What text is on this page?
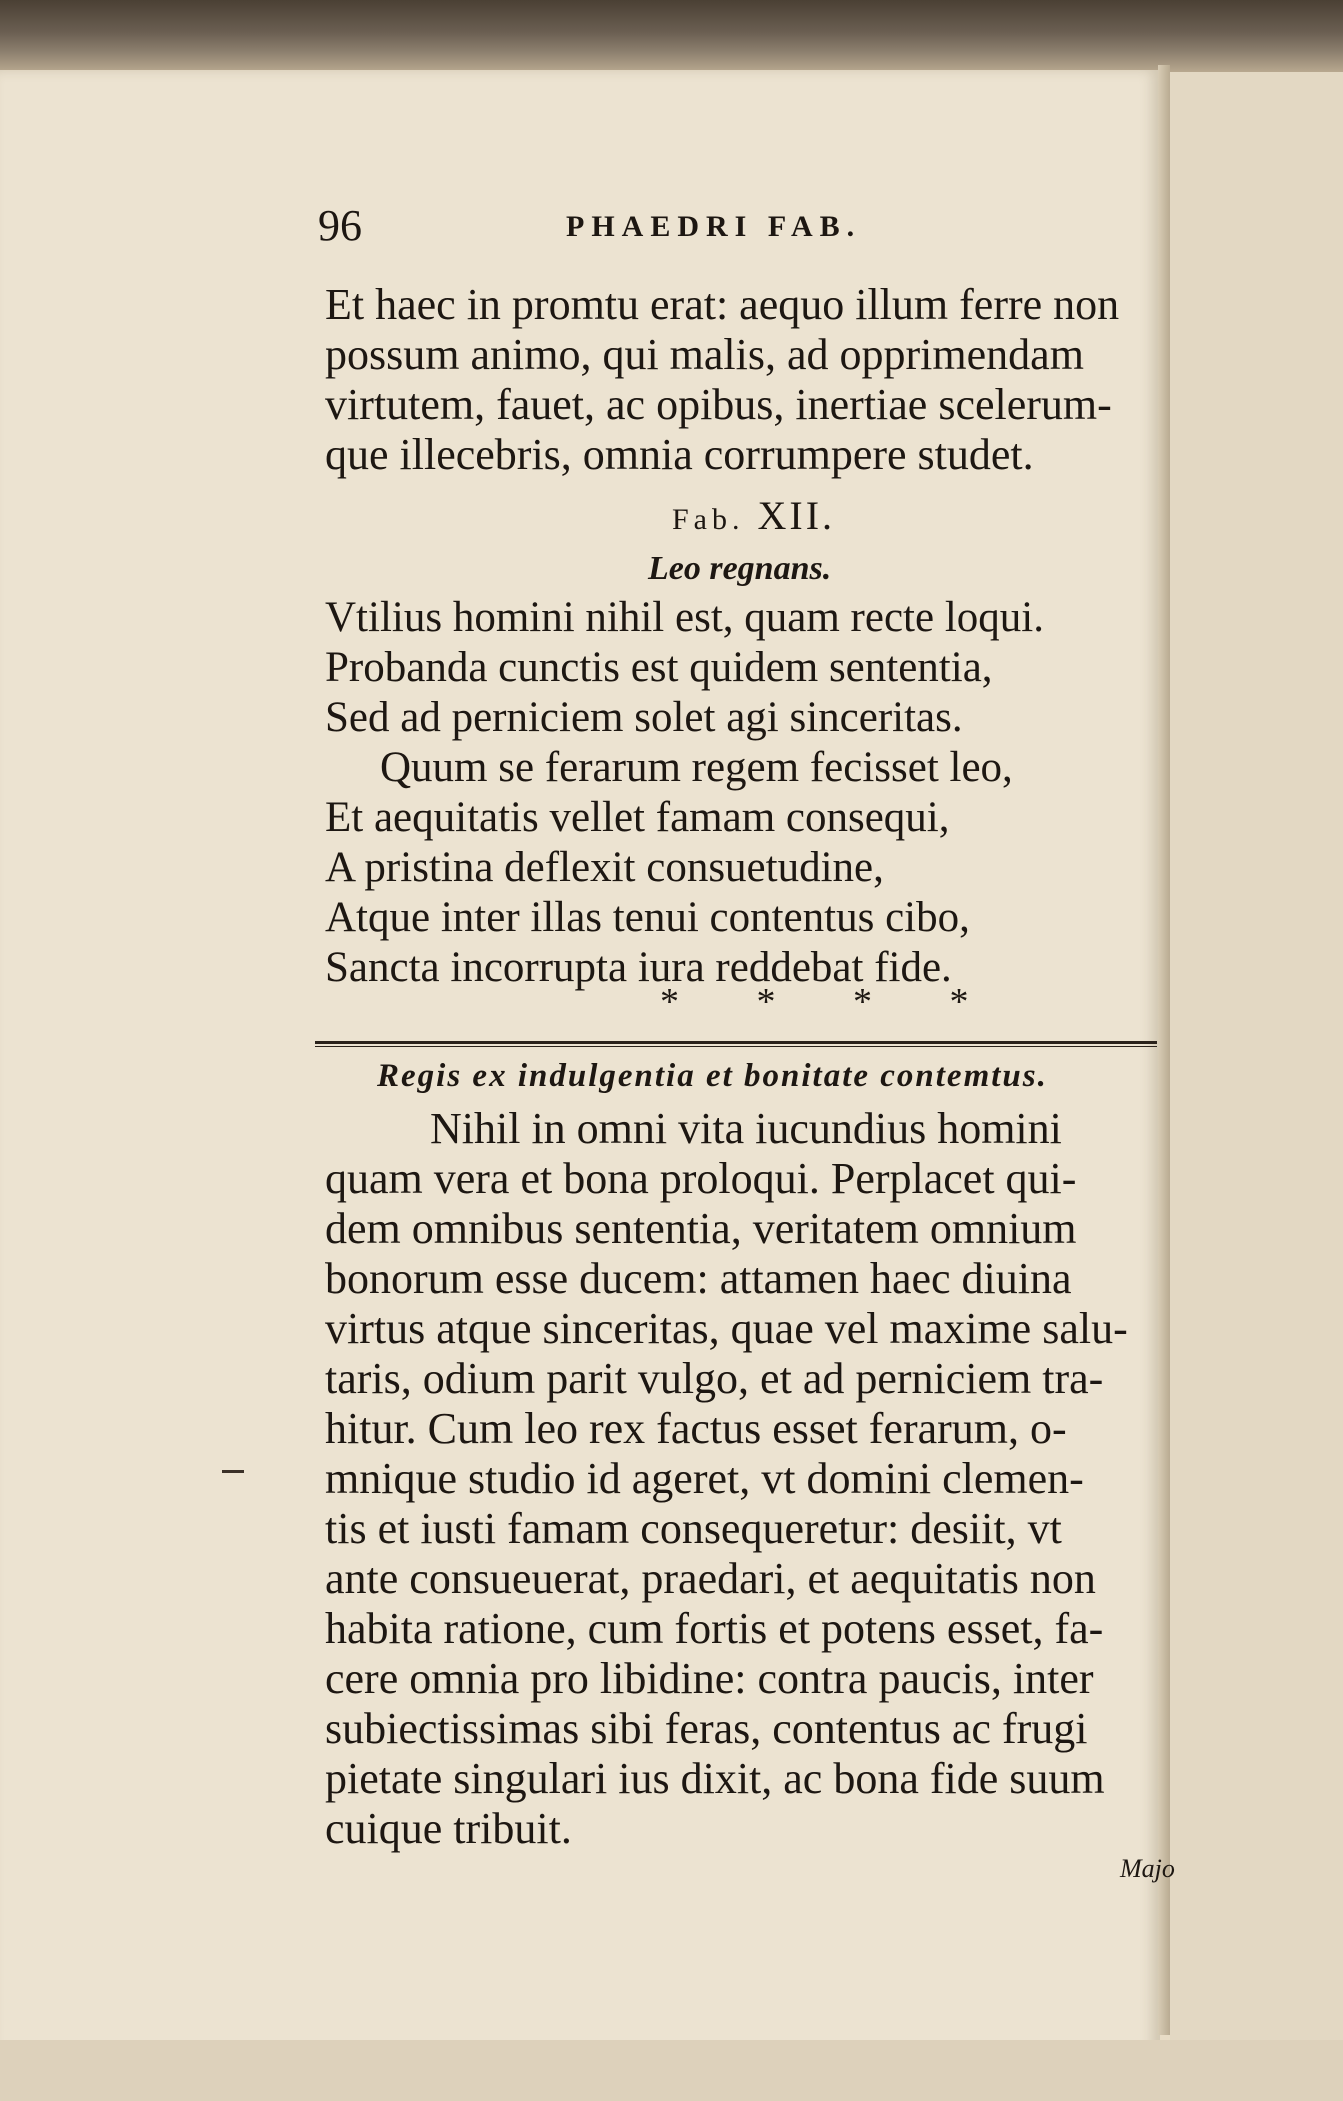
96	PHAEDRI FAB.
Et haec in promtu erat: aequo illum ferre non
possum animo, qui malis, ad opprimendam
virtutem, fauet, ac opibus, inertiae scelerum-
que illecebris, omnia corrumpere studet.
Fab. XII.
Leo regnans.
Vtilius homini nihil est, quam recte loqui.
Probanda cunctis est quidem sententia,
Sed ad perniciem solet agi sinceritas.
Quum se ferarum regem fecisset leo,
Et aequitatis vellet famam consequi,
A pristina deflexit consuetudine,
Atque inter illas tenui contentus cibo,
Sancta incorrupta iura reddebat fide.
* * * *
Regis ex indulgentia et bonitate contemtus.
Nihil in omni vita iucundius homini
quam vera et bona proloqui. Perplacet qui-
dem omnibus sententia, veritatem omnium
bonorum esse ducem: attamen haec diuina
virtus atque sinceritas, quae vel maxime salu-
taris, odium parit vulgo, et ad perniciem tra-
hitur. Cum leo rex factus esset ferarum, o-
mnique studio id ageret, vt domini clemen-
tis et iusti famam consequeretur: desiit, vt
ante consueuerat, praedari, et aequitatis non
habita ratione, cum fortis et potens esset, fa-
cere omnia pro libidine: contra paucis, inter
subiectissimas sibi feras, contentus ac frugi
pietate singulari ius dixit, ac bona fide suum
cuique tribuit.
Majo
